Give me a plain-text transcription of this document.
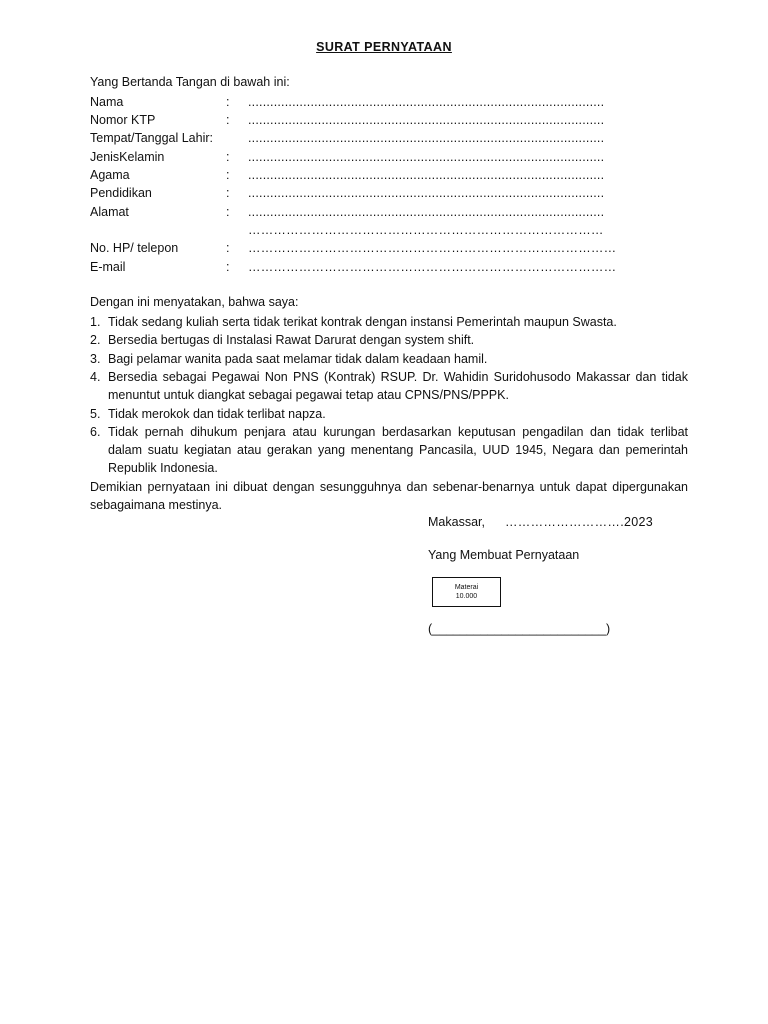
SURAT PERNYATAAN
Yang Bertanda Tangan di bawah ini:
Nama	: .................................................................................................
Nomor KTP	: .................................................................................................
Tempat/Tanggal Lahir:	.................................................................................................
JenisKelamin	: .................................................................................................
Agama	: .................................................................................................
Pendidikan	: .................................................................................................
Alamat	: .................................................................................................
…………………………………………………………………………
No. HP/ telepon	: ……………………………………………………………………………
E-mail	: ……………………………………………………………………………
Dengan ini menyatakan, bahwa saya:
1. Tidak sedang kuliah serta tidak terikat kontrak dengan instansi Pemerintah maupun Swasta.
2. Bersedia bertugas di Instalasi Rawat Darurat dengan system shift.
3. Bagi pelamar wanita pada saat melamar tidak dalam keadaan hamil.
4. Bersedia sebagai Pegawai Non PNS (Kontrak) RSUP. Dr. Wahidin Suridohusodo Makassar dan tidak menuntut untuk diangkat sebagai pegawai tetap atau CPNS/PNS/PPPK.
5. Tidak merokok dan tidak terlibat napza.
6. Tidak pernah dihukum penjara atau kurungan berdasarkan keputusan pengadilan dan tidak terlibat dalam suatu kegiatan atau gerakan yang menentang Pancasila, UUD 1945, Negara dan pemerintah Republik Indonesia.
Demikian pernyataan ini dibuat dengan sesungguhnya dan sebenar-benarnya untuk dapat dipergunakan sebagaimana mestinya.
Makassar, ……………………….2023
Yang Membuat Pernyataan
Materai
10.000
(_________________________)
